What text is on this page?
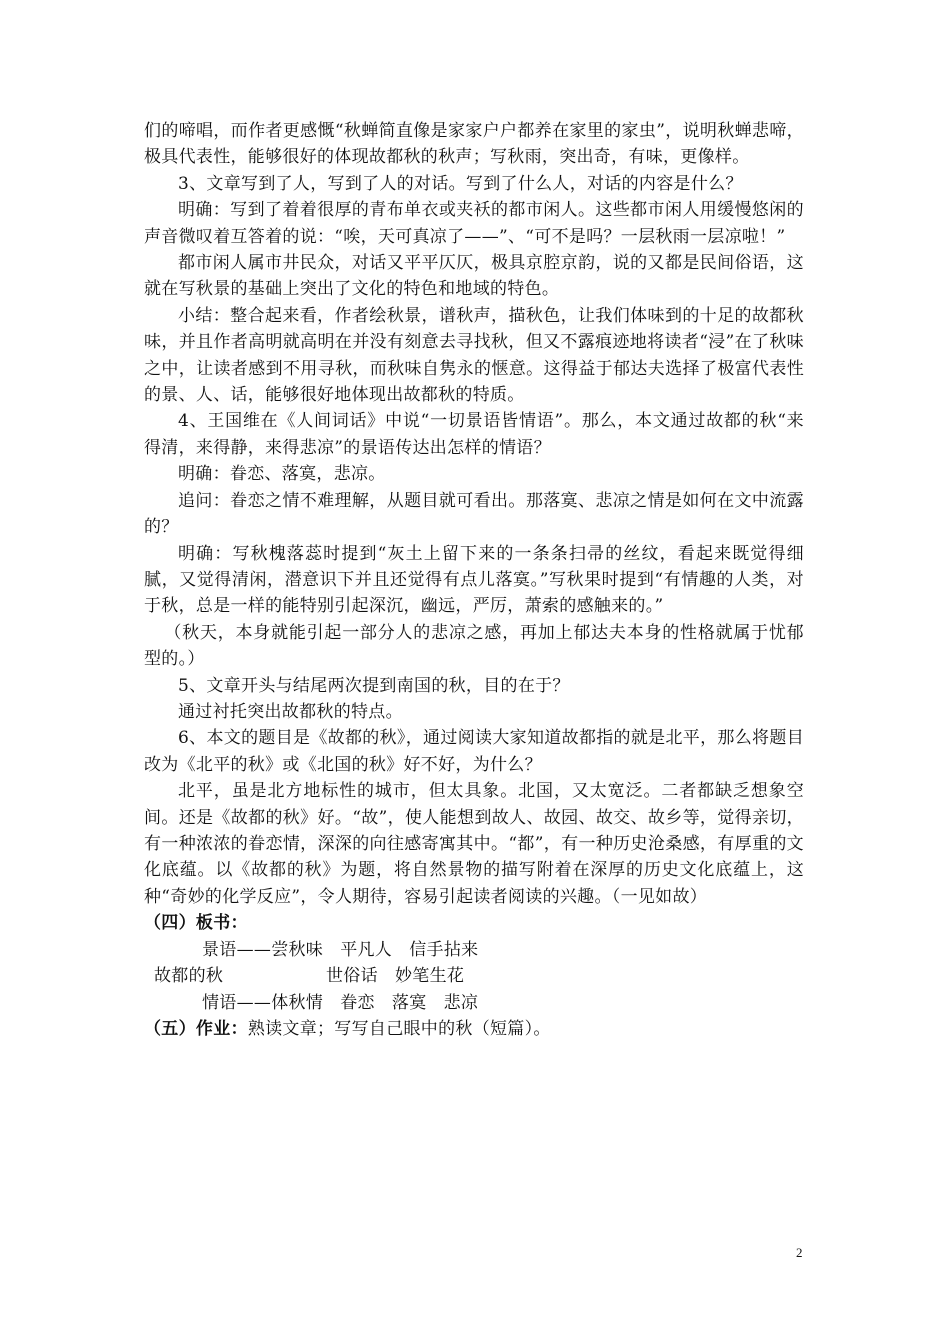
们的啼唱，而作者更感慨“秋蝉简直像是家家户户都养在家里的家虫”，说明秋蝉悲啼，极具代表性，能够很好的体现故都秋的秋声；写秋雨，突出奇，有味，更像样。

3、文章写到了人，写到了人的对话。写到了什么人，对话的内容是什么？

明确：写到了着着很厚的青布单衣或夹袄的都市闲人。这些都市闲人用缓慢悠闲的声音微叹着互答着的说：“唉，天可真凉了——”、“可不是吗？一层秋雨一层凉啦！”

都市闲人属市井民众，对话又平平仄仄，极具京腔京韵，说的又都是民间俗语，这就在写秋景的基础上突出了文化的特色和地域的特色。

小结：整合起来看，作者绘秋景，谱秋声，描秋色，让我们体味到的十足的故都秋味，并且作者高明就高明在并没有刻意去寻找秋，但又不露痕迹地将读者“浸”在了秋味之中，让读者感到不用寻秋，而秋味自隽永的惬意。这得益于郁达夫选择了极富代表性的景、人、话，能够很好地体现出故都秋的特质。

4、王国维在《人间词话》中说“一切景语皆情语”。那么，本文通过故都的秋“来得清，来得静，来得悲凉”的景语传达出怎样的情语？

明确：眷恋、落寞，悲凉。

追问：眷恋之情不难理解，从题目就可看出。那落寞、悲凉之情是如何在文中流露的？

明确：写秋槐落蕊时提到“灰土上留下来的一条条扫帚的丝纹，看起来既觉得细腻，又觉得清闲，潜意识下并且还觉得有点儿落寞。”写秋果时提到“有情趣的人类，对于秋，总是一样的能特别引起深沉，幽远，严厉，萧索的感触来的。”

（秋天，本身就能引起一部分人的悲凉之感，再加上郁达夫本身的性格就属于忧郁型的。）

5、文章开头与结尾两次提到南国的秋，目的在于？

通过衬托突出故都秋的特点。

6、本文的题目是《故都的秋》，通过阅读大家知道故都指的就是北平，那么将题目改为《北平的秋》或《北国的秋》好不好，为什么？

北平，虽是北方地标性的城市，但太具象。北国，又太宽泛。二者都缺乏想象空间。还是《故都的秋》好。“故”，使人能想到故人、故园、故交、故乡等，觉得亲切，有一种浓浓的眷恋情，深深的向往感寄寓其中。“都”，有一种历史沧桑感，有厚重的文化底蕴。以《故都的秋》为题，将自然景物的描写附着在深厚的历史文化底蕴上，这种“奇妙的化学反应”，令人期待，容易引起读者阅读的兴趣。（一见如故）

（四）板书：

景语——尝秋味   平凡人   信手拈来
故都的秋	世俗话   妙笔生花
情语——体秋情   眷恋   落寞   悲凉

（五）作业：熟读文章；写写自己眼中的秋（短篇）。

2
